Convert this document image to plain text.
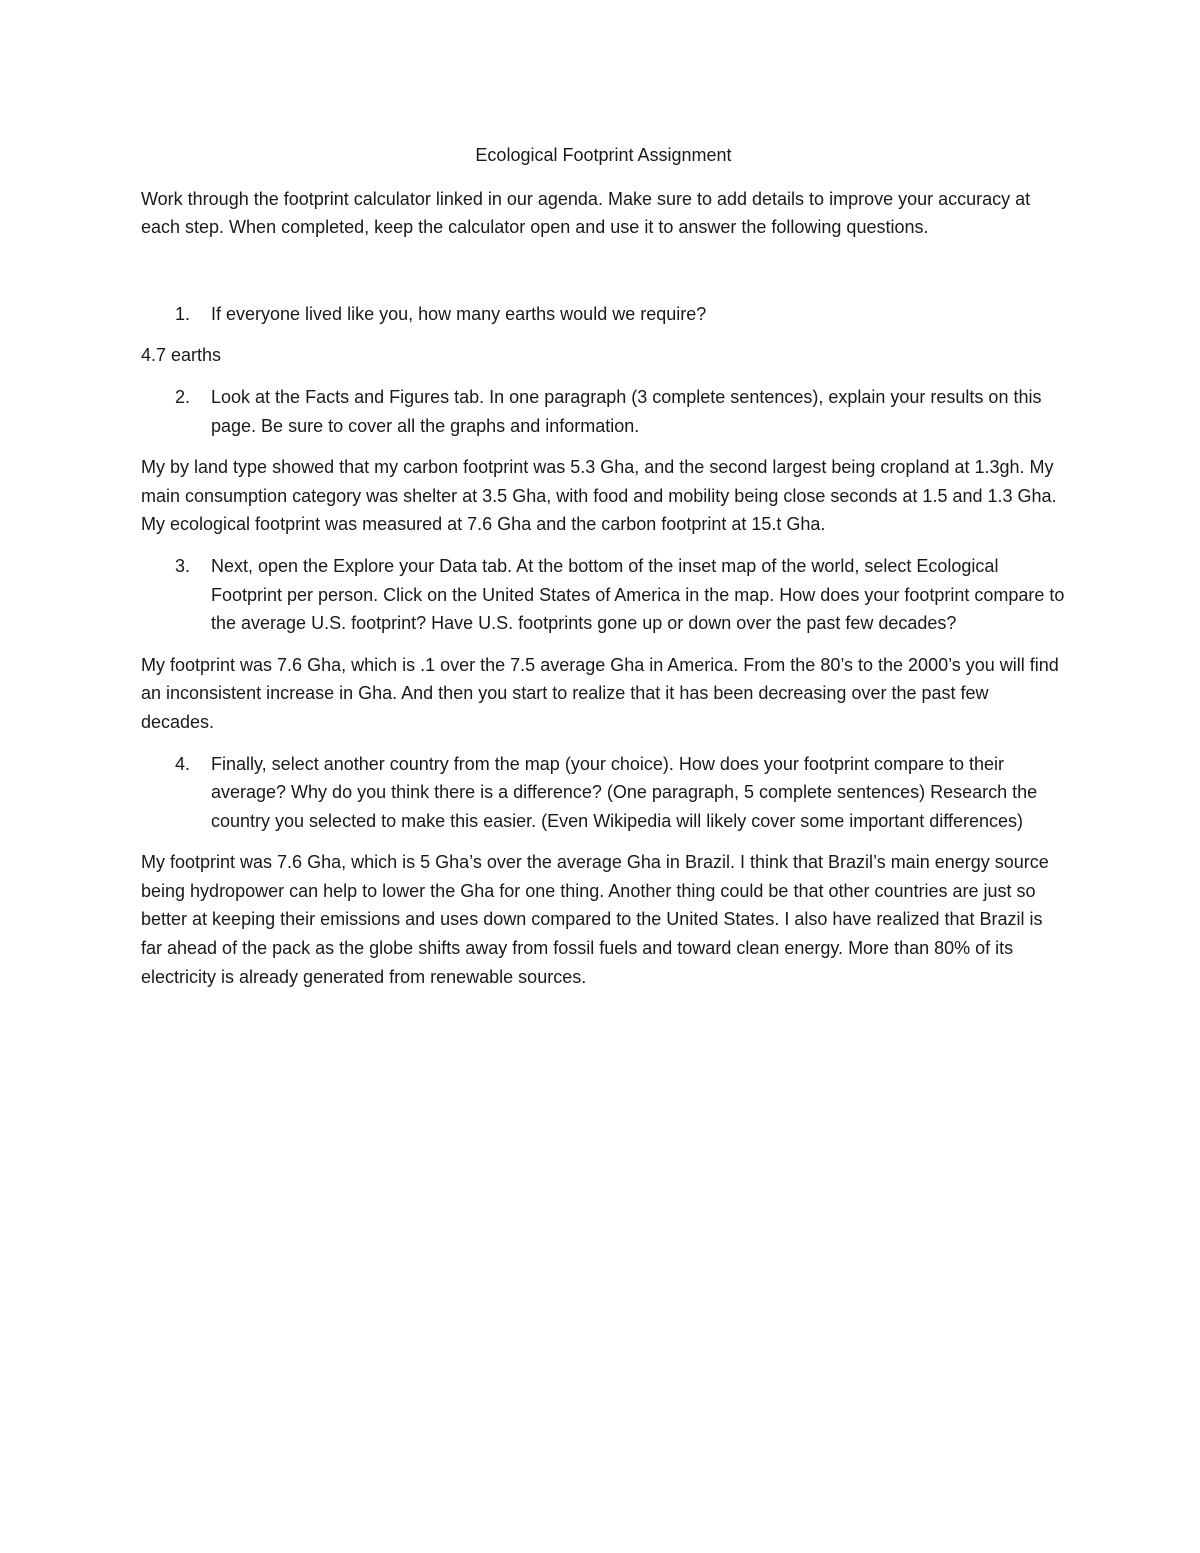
Ecological Footprint Assignment

Work through the footprint calculator linked in our agenda. Make sure to add details to improve your accuracy at each step. When completed, keep the calculator open and use it to answer the following questions.

1.	If everyone lived like you, how many earths would we require?

4.7 earths

2.	Look at the Facts and Figures tab. In one paragraph (3 complete sentences), explain your results on this page. Be sure to cover all the graphs and information.

My by land type showed that my carbon footprint was 5.3 Gha, and the second largest being cropland at 1.3gh. My main consumption category was shelter at 3.5 Gha, with food and mobility being close seconds at 1.5 and 1.3 Gha. My ecological footprint was measured at 7.6 Gha and the carbon footprint at 15.t Gha.

3.	Next, open the Explore your Data tab. At the bottom of the inset map of the world, select Ecological Footprint per person. Click on the United States of America in the map. How does your footprint compare to the average U.S. footprint? Have U.S. footprints gone up or down over the past few decades?

My footprint was 7.6 Gha, which is .1 over the 7.5 average Gha in America. From the 80’s to the 2000’s you will find an inconsistent increase in Gha. And then you start to realize that it has been decreasing over the past few decades.

4.	Finally, select another country from the map (your choice). How does your footprint compare to their average? Why do you think there is a difference? (One paragraph, 5 complete sentences) Research the country you selected to make this easier. (Even Wikipedia will likely cover some important differences)

My footprint was 7.6 Gha, which is 5 Gha’s over the average Gha in Brazil. I think that Brazil’s main energy source being hydropower can help to lower the Gha for one thing. Another thing could be that other countries are just so better at keeping their emissions and uses down compared to the United States. I also have realized that Brazil is far ahead of the pack as the globe shifts away from fossil fuels and toward clean energy. More than 80% of its electricity is already generated from renewable sources.
